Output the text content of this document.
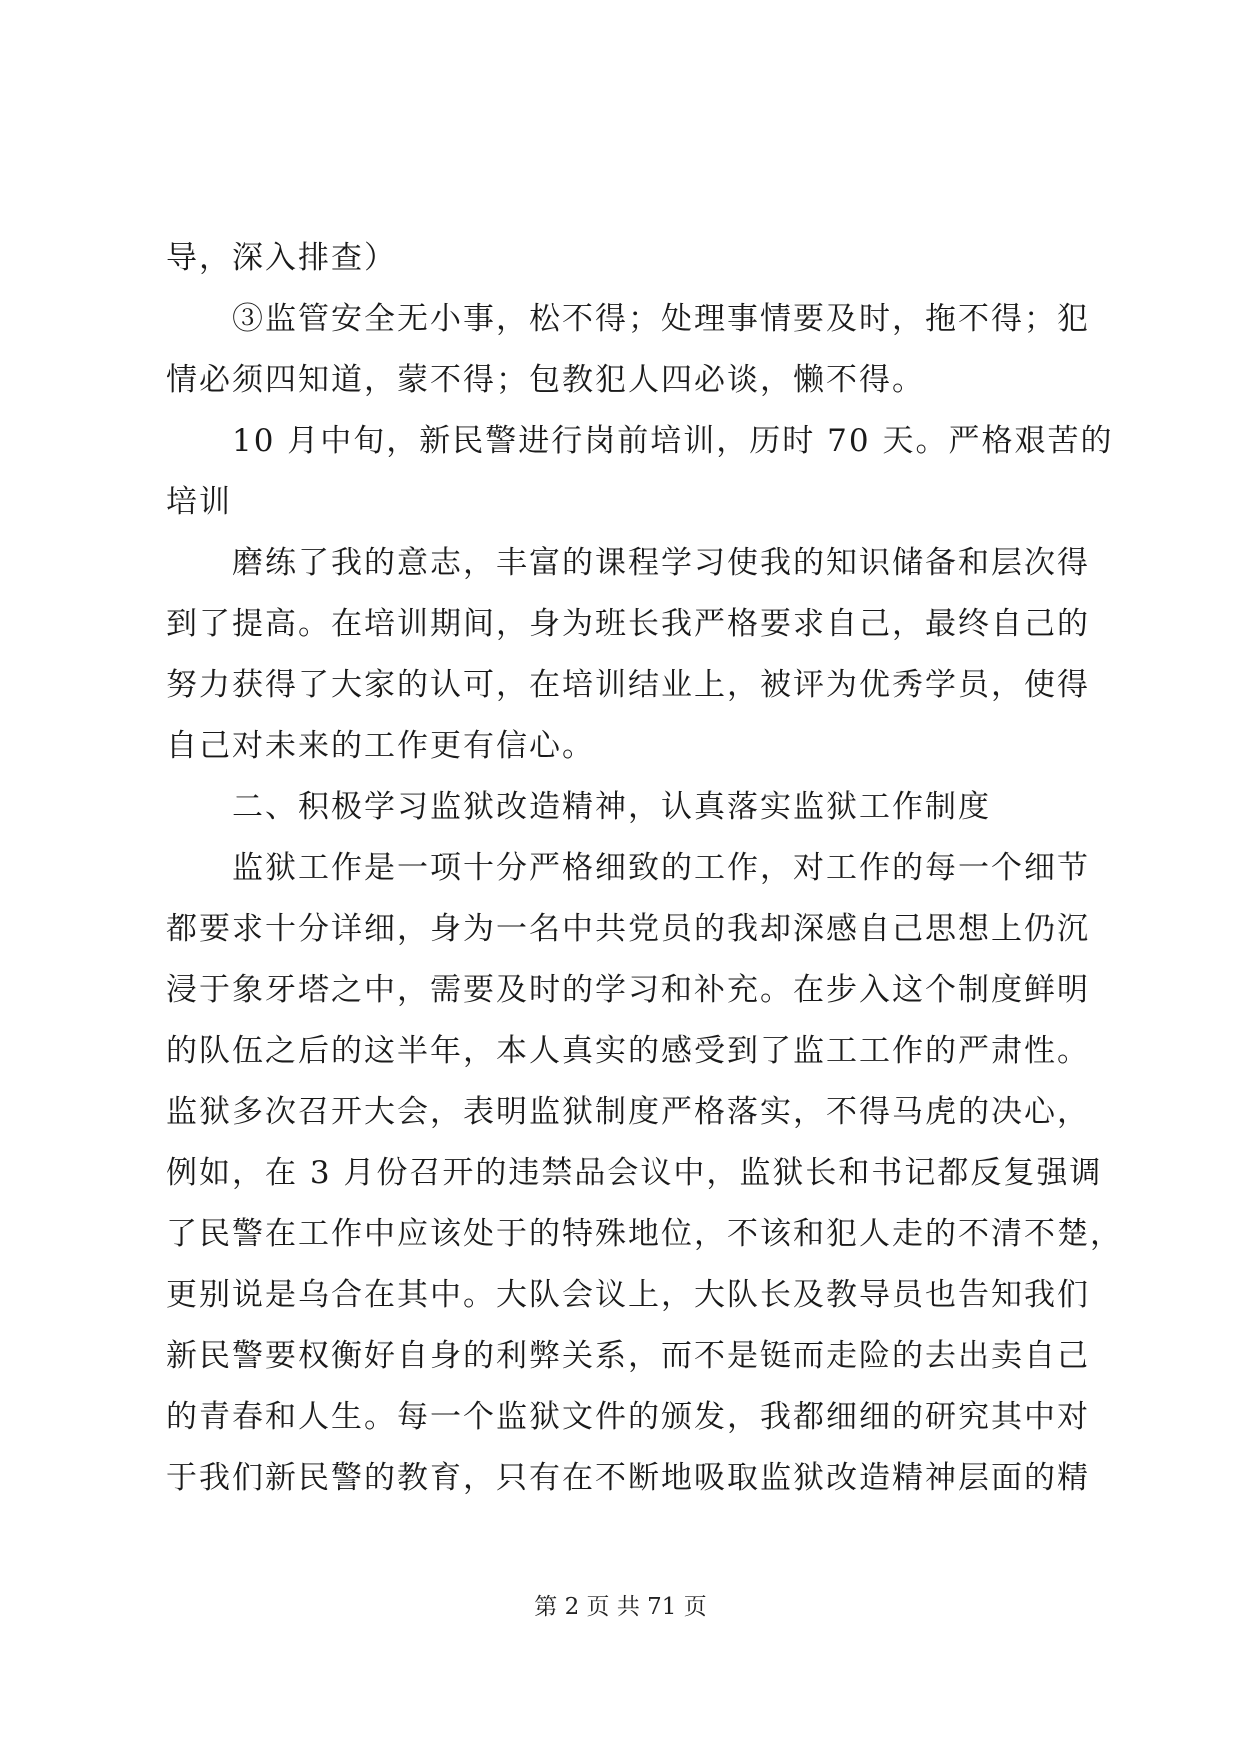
导，深入排查）
③监管安全无小事，松不得；处理事情要及时，拖不得；犯
情必须四知道，蒙不得；包教犯人四必谈，懒不得。
10 月中旬，新民警进行岗前培训，历时 70 天。严格艰苦的
培训
磨练了我的意志，丰富的课程学习使我的知识储备和层次得
到了提高。在培训期间，身为班长我严格要求自己，最终自己的
努力获得了大家的认可，在培训结业上，被评为优秀学员，使得
自己对未来的工作更有信心。
二、积极学习监狱改造精神，认真落实监狱工作制度
监狱工作是一项十分严格细致的工作，对工作的每一个细节
都要求十分详细，身为一名中共党员的我却深感自己思想上仍沉
浸于象牙塔之中，需要及时的学习和补充。在步入这个制度鲜明
的队伍之后的这半年，本人真实的感受到了监工工作的严肃性。
监狱多次召开大会，表明监狱制度严格落实，不得马虎的决心，
例如，在 3 月份召开的违禁品会议中，监狱长和书记都反复强调
了民警在工作中应该处于的特殊地位，不该和犯人走的不清不楚，
更别说是乌合在其中。大队会议上，大队长及教导员也告知我们
新民警要权衡好自身的利弊关系，而不是铤而走险的去出卖自己
的青春和人生。每一个监狱文件的颁发，我都细细的研究其中对
于我们新民警的教育，只有在不断地吸取监狱改造精神层面的精
第 2 页 共 71 页
